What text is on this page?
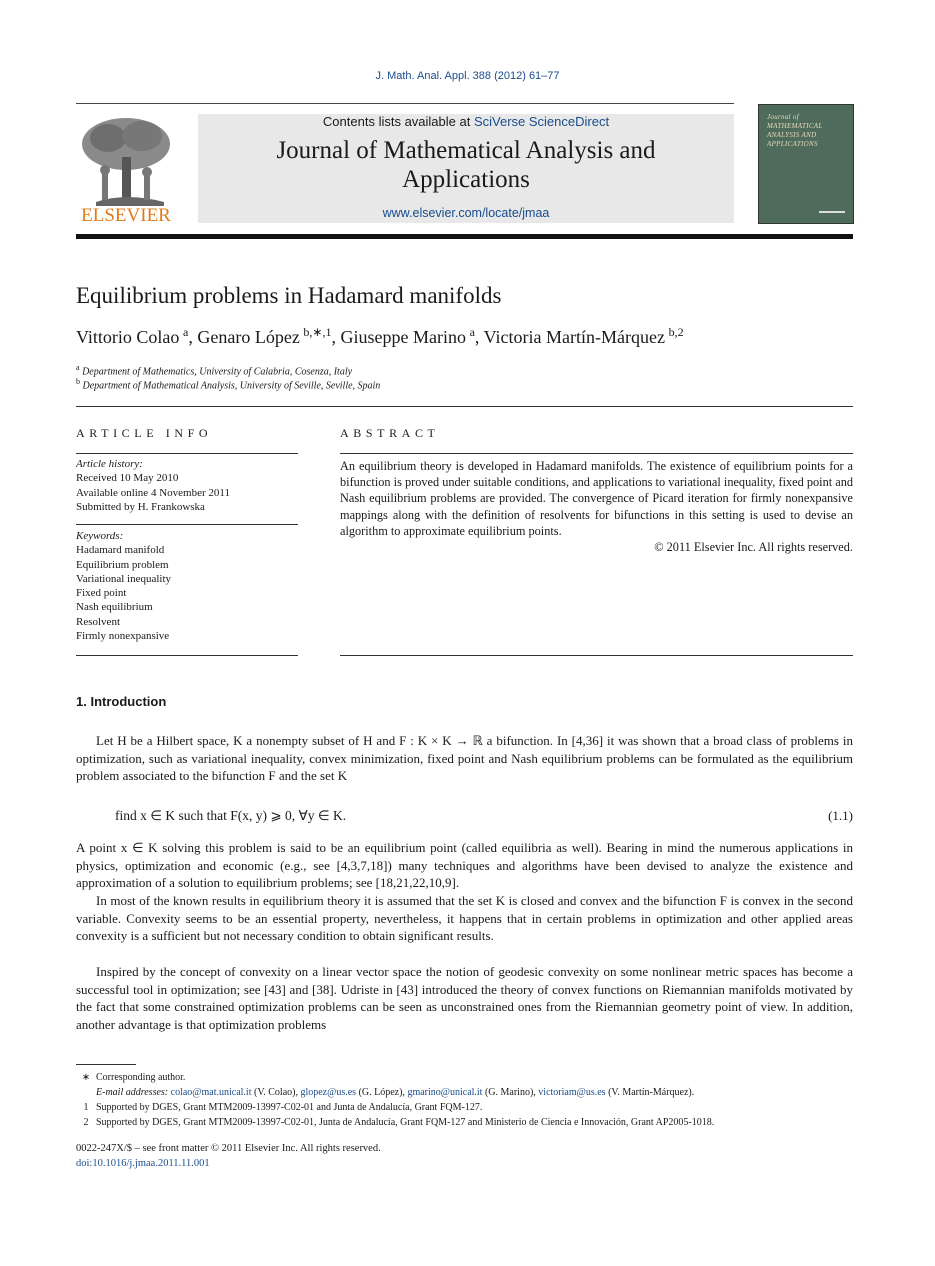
J. Math. Anal. Appl. 388 (2012) 61–77
ELSEVIER
Contents lists available at SciVerse ScienceDirect
Journal of Mathematical Analysis and
Applications
www.elsevier.com/locate/jmaa
Journal of MATHEMATICAL ANALYSIS AND APPLICATIONS
Equilibrium problems in Hadamard manifolds
Vittorio Colao  $^a$, Genaro López  $^{b,∗,1}$, Giuseppe Marino  $^a$, Victoria Martín-Márquez  $^{b,2}$
$^a$ Department of Mathematics, University of Calabria, Cosenza, Italy
$^b$ Department of Mathematical Analysis, University of Seville, Seville, Spain
ARTICLE INFO
Article history:
Received 10 May 2010
Available online 4 November 2011
Submitted by H. Frankowska
Keywords:
Hadamard manifold
Equilibrium problem
Variational inequality
Fixed point
Nash equilibrium
Resolvent
Firmly nonexpansive
ABSTRACT
An equilibrium theory is developed in Hadamard manifolds. The existence of equilibrium points for a bifunction is proved under suitable conditions, and applications to variational inequality, fixed point and Nash equilibrium problems are provided. The convergence of Picard iteration for firmly nonexpansive mappings along with the definition of resolvents for bifunctions in this setting is used to devise an algorithm to approximate equilibrium points.
© 2011 Elsevier Inc. All rights reserved.
1. Introduction
Let H be a Hilbert space, K a nonempty subset of H and F : K × K → ℝ a bifunction. In [4,36] it was shown that a broad class of problems in optimization, such as variational inequality, convex minimization, fixed point and Nash equilibrium problems can be formulated as the equilibrium problem associated to the bifunction F and the set K
find x ∈ K such that F(x, y) ⩾ 0, ∀y ∈ K.	(1.1)
A point x ∈ K solving this problem is said to be an equilibrium point (called equilibria as well). Bearing in mind the numerous applications in physics, optimization and economic (e.g., see [4,3,7,18]) many techniques and algorithms have been devised to analyze the existence and approximation of a solution to equilibrium problems; see [18,21,22,10,9].
In most of the known results in equilibrium theory it is assumed that the set K is closed and convex and the bifunction F is convex in the second variable. Convexity seems to be an essential property, nevertheless, it happens that in certain problems in optimization and other applied areas convexity is a sufficient but not necessary condition to obtain significant results.
Inspired by the concept of convexity on a linear vector space the notion of geodesic convexity on some nonlinear metric spaces has become a successful tool in optimization; see [43] and [38]. Udriste in [43] introduced the theory of convex functions on Riemannian manifolds motivated by the fact that some constrained optimization problems can be seen as unconstrained ones from the Riemannian geometry point of view. In addition, another advantage is that optimization problems
∗ Corresponding author.
E-mail addresses: colao@mat.unical.it (V. Colao), glopez@us.es (G. López), gmarino@unical.it (G. Marino), victoriam@us.es (V. Martín-Márquez).
1 Supported by DGES, Grant MTM2009-13997-C02-01 and Junta de Andalucía, Grant FQM-127.
2 Supported by DGES, Grant MTM2009-13997-C02-01, Junta de Andalucía, Grant FQM-127 and Ministerio de Ciencia e Innovación, Grant AP2005-1018.
0022-247X/$ – see front matter © 2011 Elsevier Inc. All rights reserved.
doi:10.1016/j.jmaa.2011.11.001
